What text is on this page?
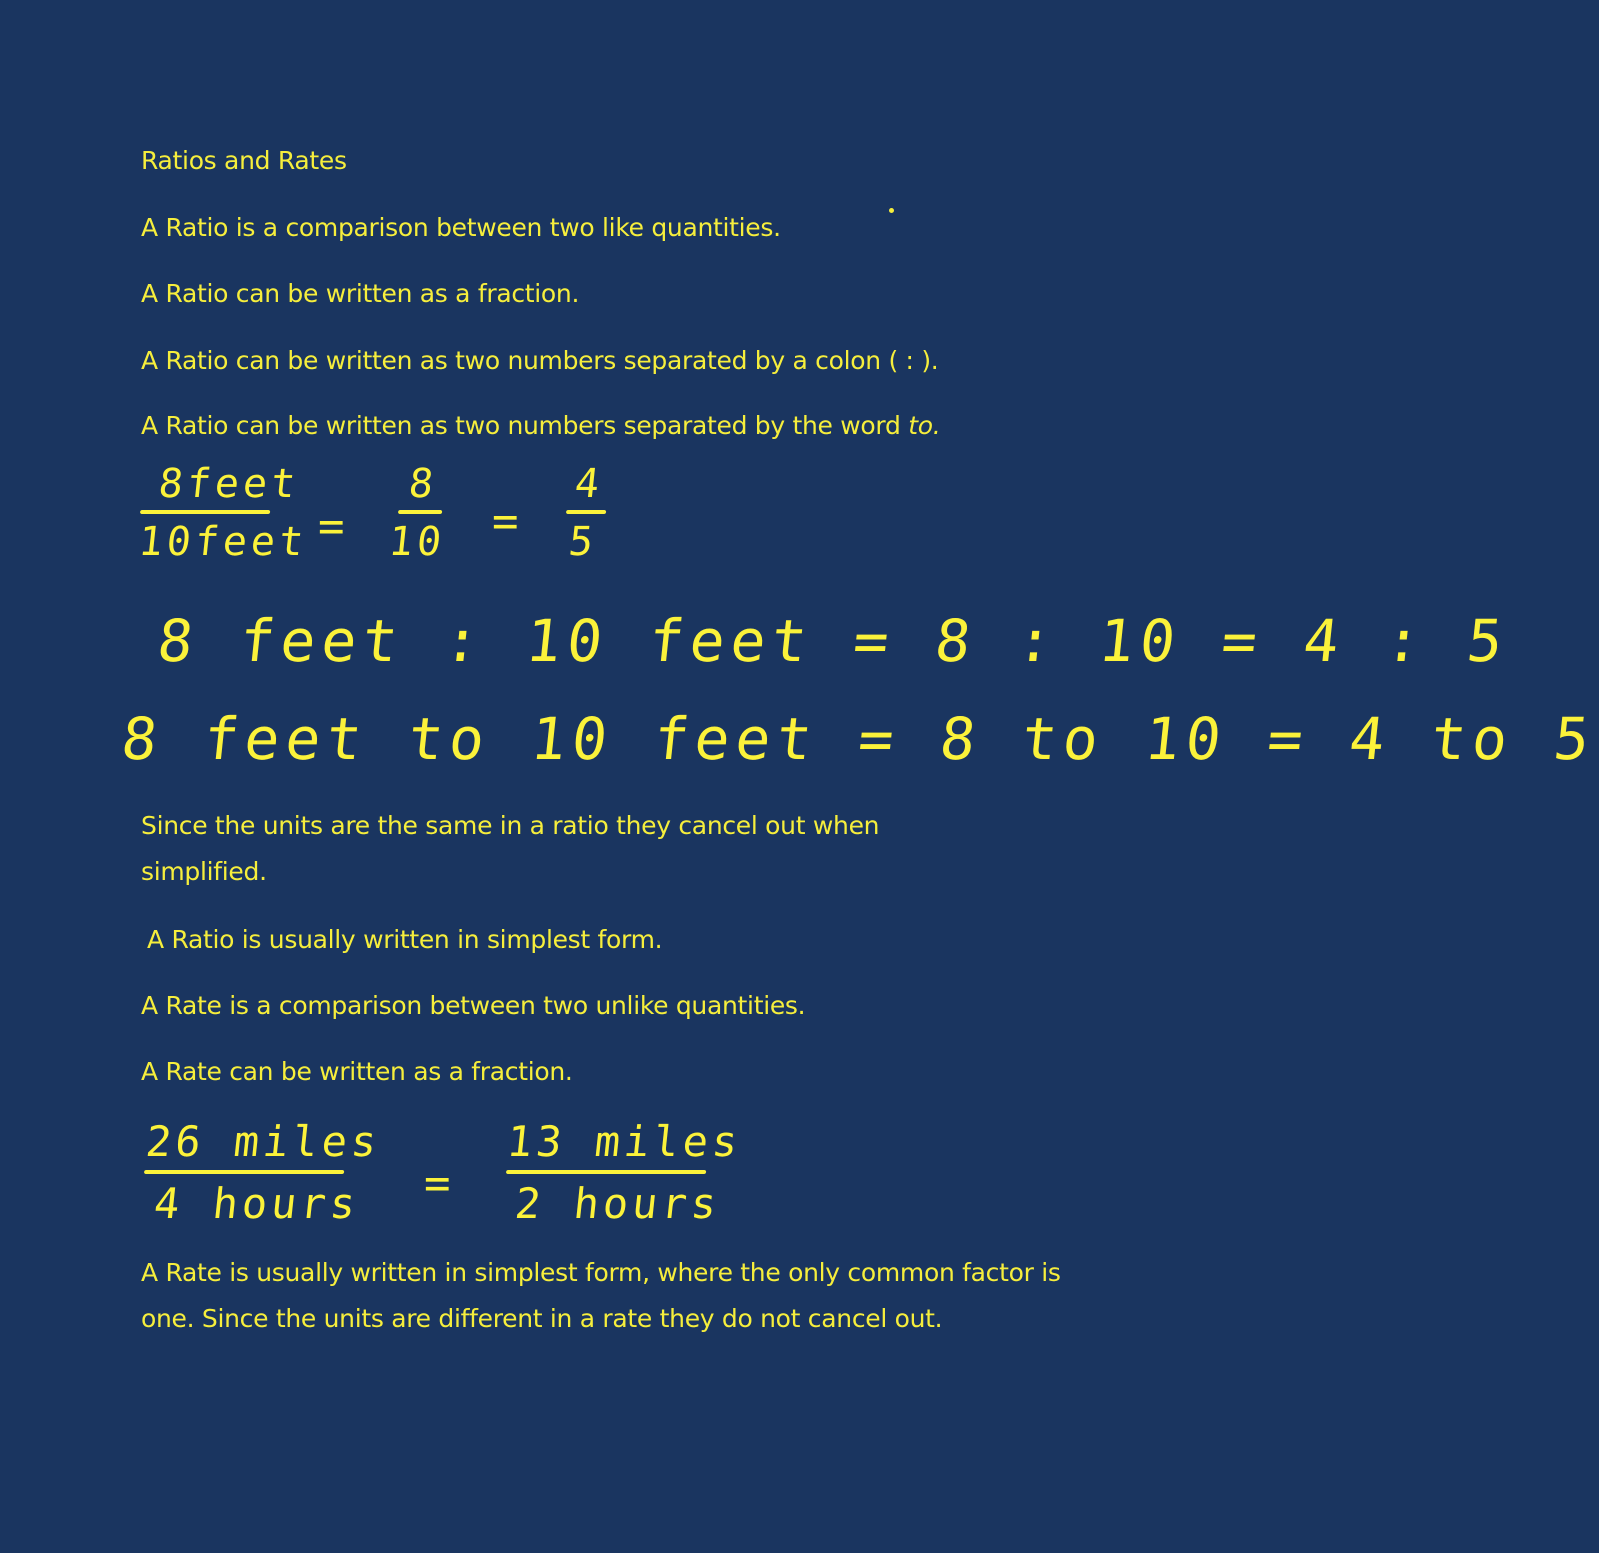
Ratios and Rates

A Ratio is a comparison between two like quantities.

A Ratio can be written as a fraction.

A Ratio can be written as two numbers separated by a colon ( : ).

A Ratio can be written as two numbers separated by the word to.

8feet
10feet =
8
10 =
4
5

8 feet : 10 feet = 8 : 10 = 4 : 5

8 feet to 10 feet = 8 to 10 = 4 to 5

Since the units are the same in a ratio they cancel out when simplified.

A Ratio is usually written in simplest form.

A Rate is a comparison between two unlike quantities.

A Rate can be written as a fraction.

26 miles
4 hours	=
13 miles
2 hours

A Rate is usually written in simplest form, where the only common factor is one. Since the units are different in a rate they do not cancel out.
